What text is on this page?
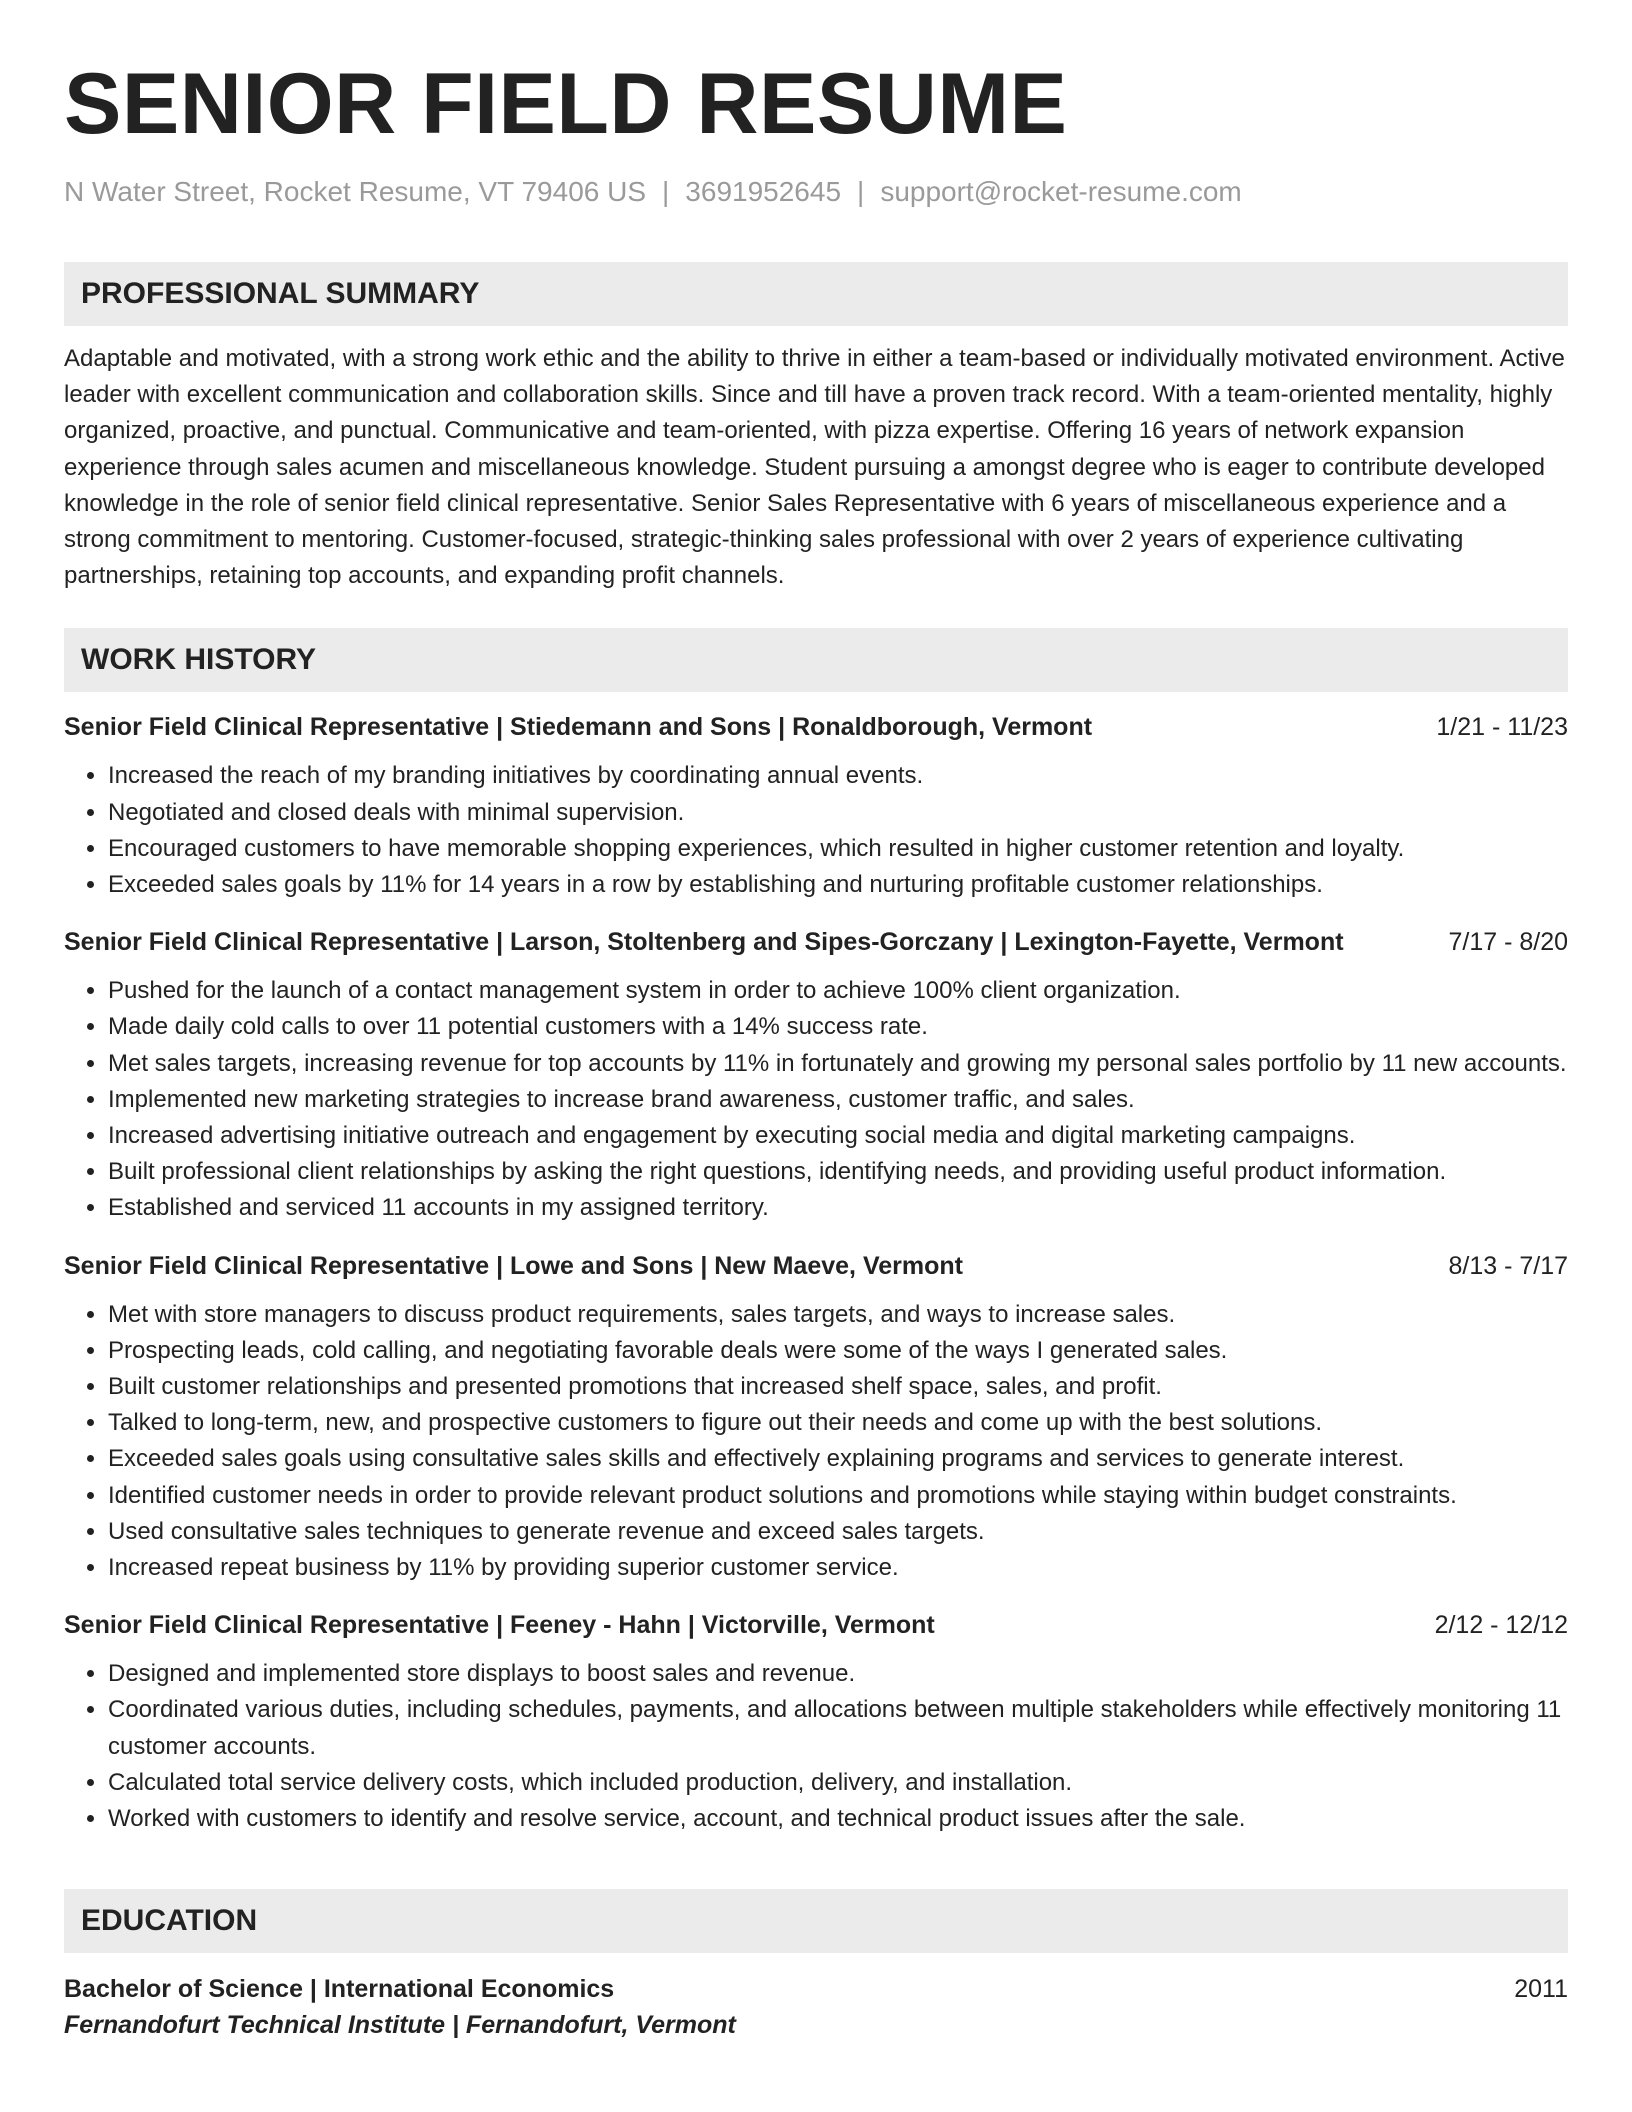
SENIOR FIELD RESUME
N Water Street, Rocket Resume, VT 79406 US | 3691952645 | support@rocket-resume.com
PROFESSIONAL SUMMARY
Adaptable and motivated, with a strong work ethic and the ability to thrive in either a team-based or individually motivated environment. Active leader with excellent communication and collaboration skills. Since and till have a proven track record. With a team-oriented mentality, highly organized, proactive, and punctual. Communicative and team-oriented, with pizza expertise. Offering 16 years of network expansion experience through sales acumen and miscellaneous knowledge. Student pursuing a amongst degree who is eager to contribute developed knowledge in the role of senior field clinical representative. Senior Sales Representative with 6 years of miscellaneous experience and a strong commitment to mentoring. Customer-focused, strategic-thinking sales professional with over 2 years of experience cultivating partnerships, retaining top accounts, and expanding profit channels.
WORK HISTORY
Senior Field Clinical Representative | Stiedemann and Sons | Ronaldborough, Vermont	1/21 - 11/23
• Increased the reach of my branding initiatives by coordinating annual events.
• Negotiated and closed deals with minimal supervision.
• Encouraged customers to have memorable shopping experiences, which resulted in higher customer retention and loyalty.
• Exceeded sales goals by 11% for 14 years in a row by establishing and nurturing profitable customer relationships.
Senior Field Clinical Representative | Larson, Stoltenberg and Sipes-Gorczany | Lexington-Fayette, Vermont	7/17 - 8/20
• Pushed for the launch of a contact management system in order to achieve 100% client organization.
• Made daily cold calls to over 11 potential customers with a 14% success rate.
• Met sales targets, increasing revenue for top accounts by 11% in fortunately and growing my personal sales portfolio by 11 new accounts.
• Implemented new marketing strategies to increase brand awareness, customer traffic, and sales.
• Increased advertising initiative outreach and engagement by executing social media and digital marketing campaigns.
• Built professional client relationships by asking the right questions, identifying needs, and providing useful product information.
• Established and serviced 11 accounts in my assigned territory.
Senior Field Clinical Representative | Lowe and Sons | New Maeve, Vermont	8/13 - 7/17
• Met with store managers to discuss product requirements, sales targets, and ways to increase sales.
• Prospecting leads, cold calling, and negotiating favorable deals were some of the ways I generated sales.
• Built customer relationships and presented promotions that increased shelf space, sales, and profit.
• Talked to long-term, new, and prospective customers to figure out their needs and come up with the best solutions.
• Exceeded sales goals using consultative sales skills and effectively explaining programs and services to generate interest.
• Identified customer needs in order to provide relevant product solutions and promotions while staying within budget constraints.
• Used consultative sales techniques to generate revenue and exceed sales targets.
• Increased repeat business by 11% by providing superior customer service.
Senior Field Clinical Representative | Feeney - Hahn | Victorville, Vermont	2/12 - 12/12
• Designed and implemented store displays to boost sales and revenue.
• Coordinated various duties, including schedules, payments, and allocations between multiple stakeholders while effectively monitoring 11 customer accounts.
• Calculated total service delivery costs, which included production, delivery, and installation.
• Worked with customers to identify and resolve service, account, and technical product issues after the sale.
EDUCATION
Bachelor of Science | International Economics	2011
Fernandofurt Technical Institute | Fernandofurt, Vermont
